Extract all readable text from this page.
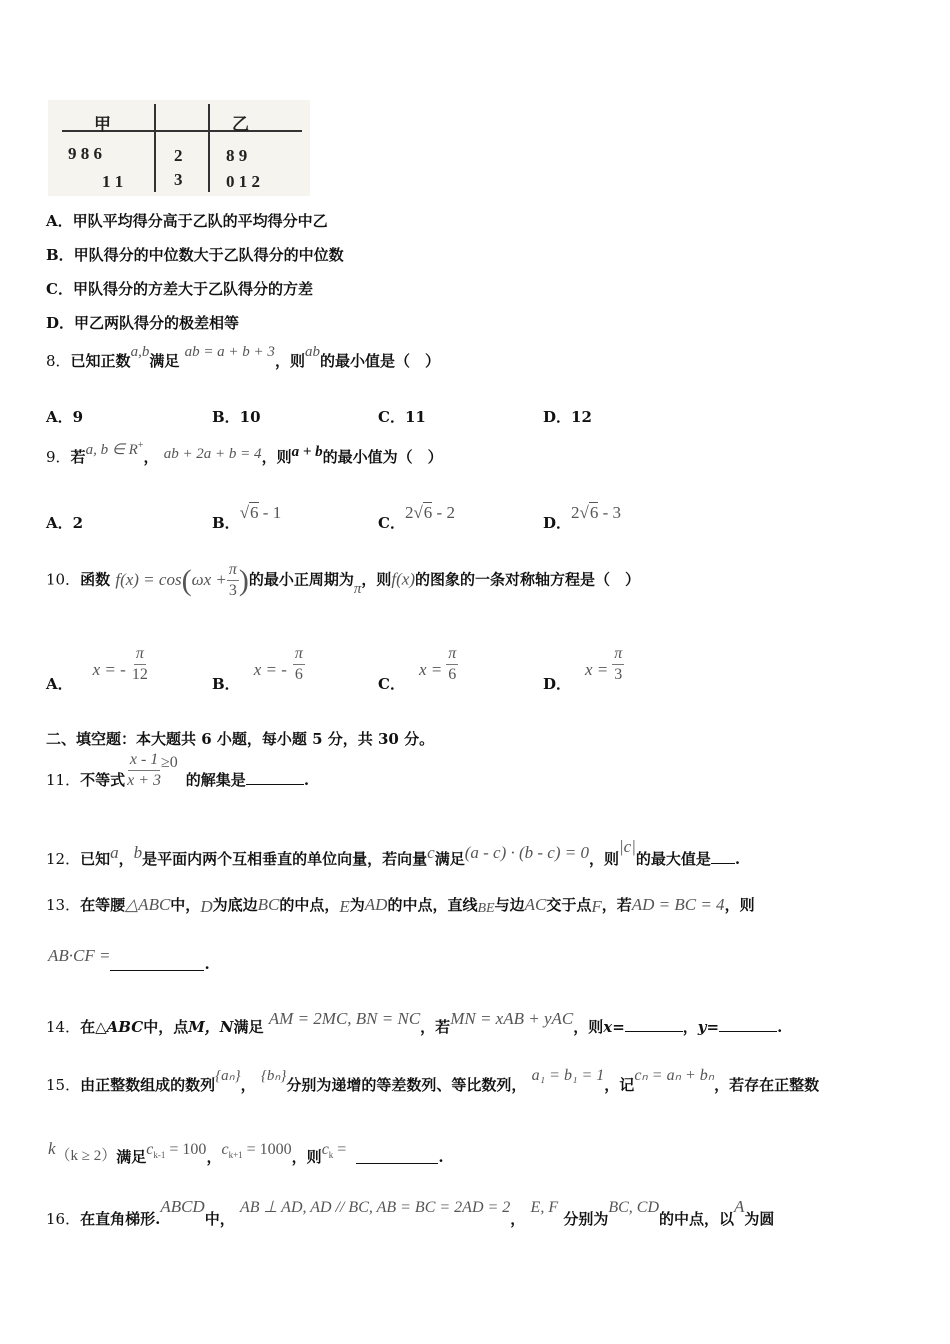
甲	乙
9 8 6	2	8 9
1 1	3	0 1 2
A．甲队平均得分高于乙队的平均得分中乙
B．甲队得分的中位数大于乙队得分的中位数
C．甲队得分的方差大于乙队得分的方差
D．甲乙两队得分的极差相等
8．已知正数a,b满足 ab = a + b + 3，则ab的最小值是（　）
A．9	B．10	C．11	D．12
9．若a, b ∈ R+， ab + 2a + b = 4，则a + b的最小值为（　）
A．2	B．√6 - 1
C．2√6 - 2
D．2√6 - 3
10．函数 $f(x) = \cos(\omega x + \frac{\pi}{3}$ )的最小正周期为π，则f(x)的图象的一条对称轴方程是（　）
A．x = - $\frac{\pi}{12}$
B．x = - $\frac{\pi}{6}$
C．$x = \frac{\pi}{6}$
D．$x = \frac{\pi}{3}$
二、填空题：本大题共 6 小题，每小题 5 分，共 30 分。
11．不等式 $\frac{x - 1}{x + 3} \ge 0$的解集是	.
12．已知a，b是平面内两个互相垂直的单位向量，若向量c满足(a - c) · (b - c) = 0，则|c|的最大值是 .
13．在等腰△ABC中，D为底边BC的中点，E为AD的中点，直线BE与边AC交于点F，若AD = BC = 4，则
AB·CF =	.
14．在△ABC中，点M，N满足 AM = 2MC, BN = NC，若MN = xAB + yAC，则x=	，y=	.
15．由正整数组成的数列{aₙ}， {bₙ}分别为递增的等差数列、等比数列， a₁ = b₁ = 1，记cₙ = aₙ + bₙ，若存在正整数
k（k ≥ 2）满足$c_{k-1} = 100$，$c_{k+1} = 1000$，则$c_k$ =	.
16．在直角梯形.ABCD中， AB ⊥ AD, AD // BC, AB = BC = 2AD = 2， E, F 分别为BC, CD的中点，以A为圆
